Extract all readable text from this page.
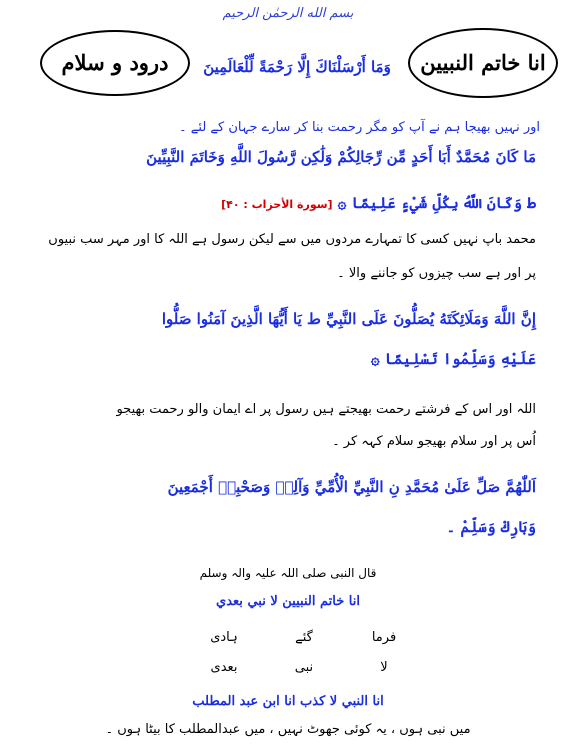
بسم الله الرحمٰن الرحيم
درود و سلام	انا خاتم النبيين
وَمَا أَرْسَلْنَاكَ إِلَّا رَحْمَةً لِّلْعَالَمِينَ
اور نہیں بھیجا ہم نے آپ کو مگر رحمت بنا کر سارے جہان کے لئے ۔
مَا كَانَ مُحَمَّدٌ أَبَا أَحَدٍ مِّن رِّجَالِكُمْ وَلَٰكِن رَّسُولَ اللَّهِ وَخَاتَمَ النَّبِيِّينَ
ط وَكَانَ اللَّهُ بِكُلِّ شَيْءٍ عَلِيمًا ۞ [سورة الأحزاب : ۴۰]
محمد باپ نہیں کسی کا تمہارے مردوں میں سے لیکن رسول ہے اللہ کا اور مہر سب نبیوں
پر اور ہے سب چیزوں کو جاننے والا ۔
إِنَّ اللَّهَ وَمَلَائِكَتَهُ يُصَلُّونَ عَلَى النَّبِيِّ ط يَا أَيُّهَا الَّذِينَ آمَنُوا صَلُّوا
عَلَيْهِ وَسَلِّمُوا تَسْلِيمًا ۞
اللہ اور اس کے فرشتے رحمت بھیجتے ہیں رسول پر اے ایمان والو رحمت بھیجو
اُس پر اور سلام بھیجو سلام کہہ کر ۔
اَللّٰهُمَّ صَلِّ عَلَىٰ مُحَمَّدِ نِ النَّبِيِّ الْأُمِّيِّ وَآلِهٖ وَصَحْبِهٖ أَجْمَعِينَ
وَبَارِكْ وَسَلِّمْ ۔
قال النبی صلی اللہ علیہ والہ وسلم
انا خاتم النبيين لا نبي بعدي
فرما
گئے
ہادی
لا
نبی
بعدی
انا النبي لا كذب انا ابن عبد المطلب
میں نبی ہوں ، یہ کوئی جھوٹ نہیں ، میں عبدالمطلب کا بیٹا ہوں ۔
